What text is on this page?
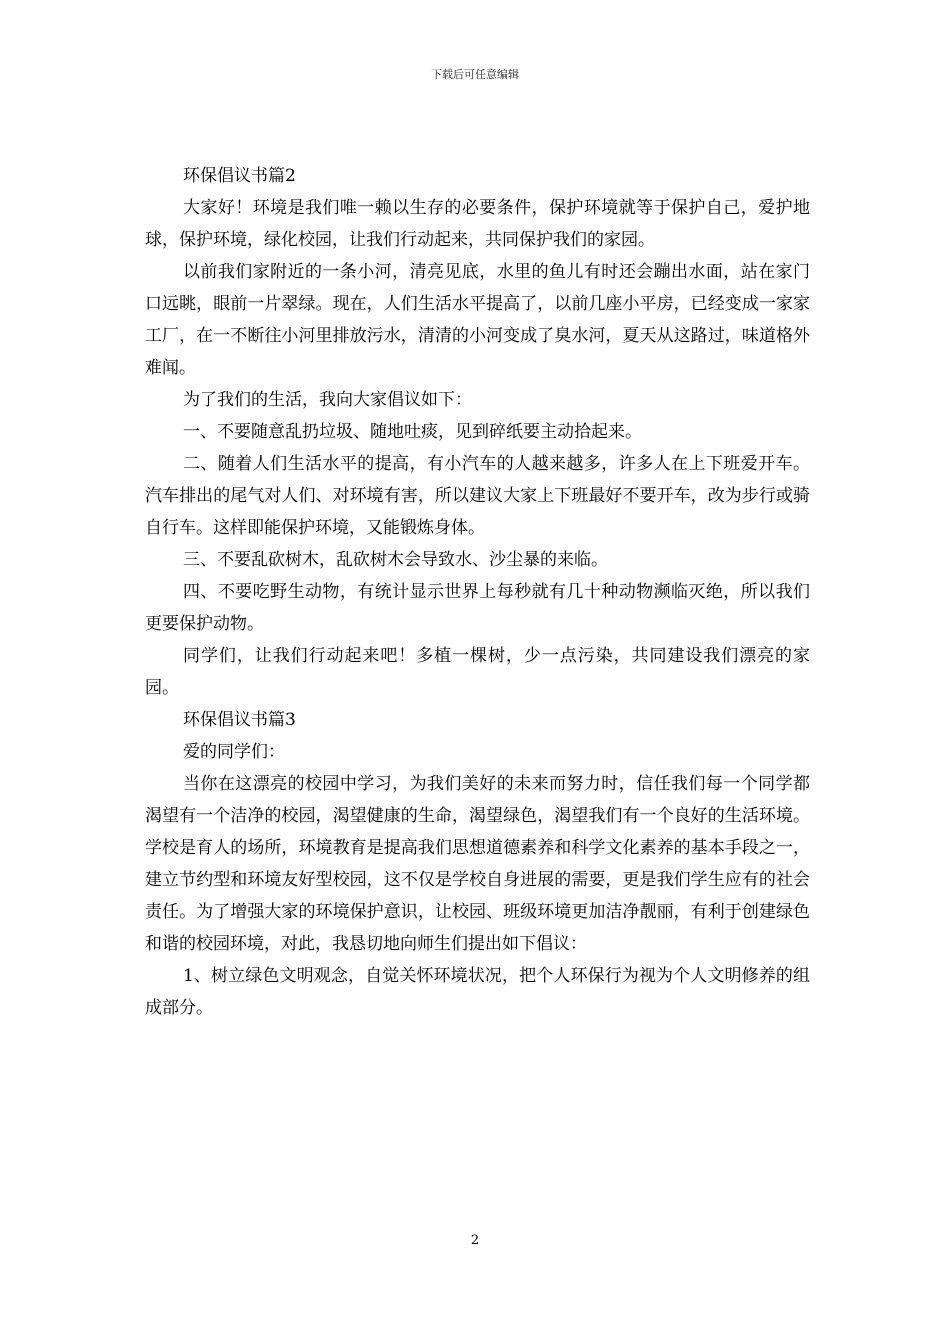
下载后可任意编辑

环保倡议书篇2

大家好！环境是我们唯一赖以生存的必要条件，保护环境就等于保护自己，爱护地球，保护环境，绿化校园，让我们行动起来，共同保护我们的家园。

以前我们家附近的一条小河，清亮见底，水里的鱼儿有时还会蹦出水面，站在家门口远眺，眼前一片翠绿。现在，人们生活水平提高了，以前几座小平房，已经变成一家家工厂，在一不断往小河里排放污水，清清的小河变成了臭水河，夏天从这路过，味道格外难闻。

为了我们的生活，我向大家倡议如下：

一、不要随意乱扔垃圾、随地吐痰，见到碎纸要主动拾起来。

二、随着人们生活水平的提高，有小汽车的人越来越多，许多人在上下班爱开车。汽车排出的尾气对人们、对环境有害，所以建议大家上下班最好不要开车，改为步行或骑自行车。这样即能保护环境，又能锻炼身体。

三、不要乱砍树木，乱砍树木会导致水、沙尘暴的来临。

四、不要吃野生动物，有统计显示世界上每秒就有几十种动物濒临灭绝，所以我们更要保护动物。

同学们，让我们行动起来吧！多植一棵树，少一点污染，共同建设我们漂亮的家园。

环保倡议书篇3

爱的同学们：

当你在这漂亮的校园中学习，为我们美好的未来而努力时，信任我们每一个同学都渴望有一个洁净的校园，渴望健康的生命，渴望绿色，渴望我们有一个良好的生活环境。学校是育人的场所，环境教育是提高我们思想道德素养和科学文化素养的基本手段之一，建立节约型和环境友好型校园，这不仅是学校自身进展的需要，更是我们学生应有的社会责任。为了增强大家的环境保护意识，让校园、班级环境更加洁净靓丽，有利于创建绿色和谐的校园环境，对此，我恳切地向师生们提出如下倡议：

1、树立绿色文明观念，自觉关怀环境状况，把个人环保行为视为个人文明修养的组成部分。

2
